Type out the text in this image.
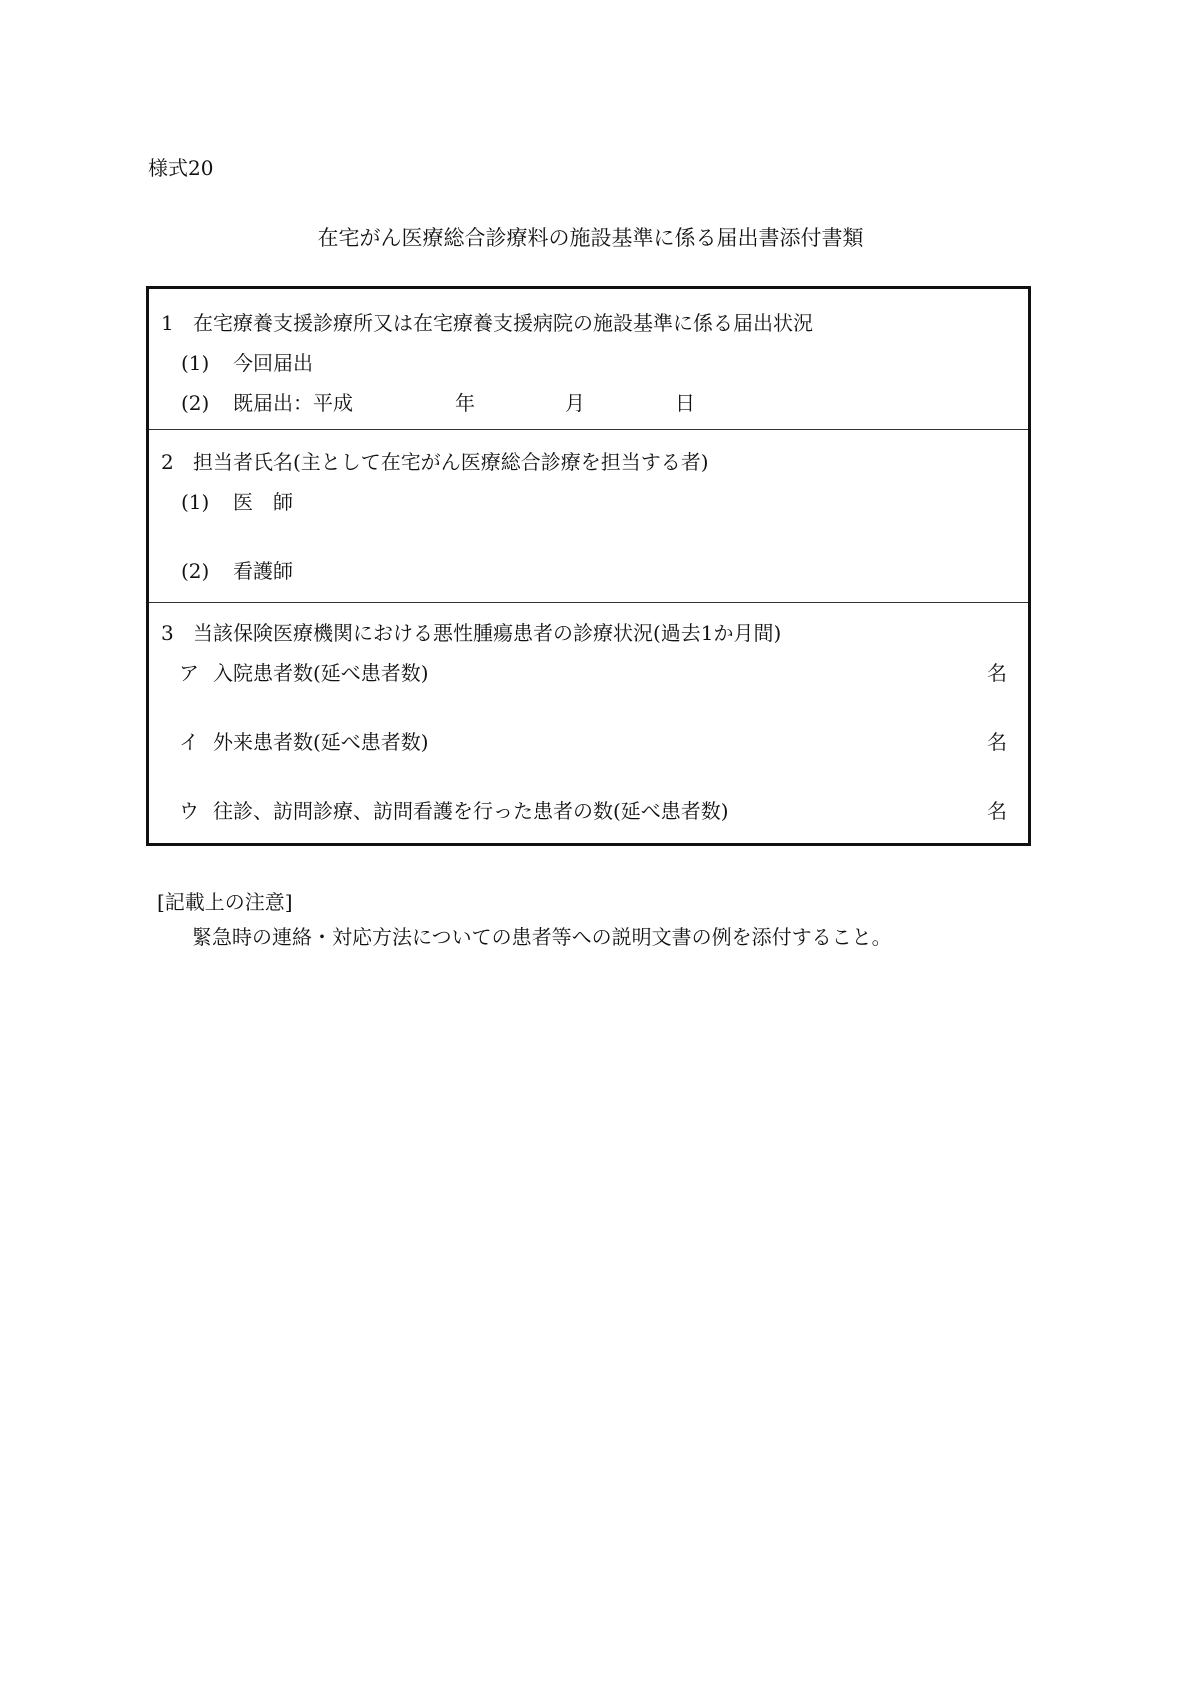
様式20
在宅がん医療総合診療料の施設基準に係る届出書添付書類
1 在宅療養支援診療所又は在宅療養支援病院の施設基準に係る届出状況
(1) 今回届出
(2) 既届出：平成	年	月	日
2 担当者氏名(主として在宅がん医療総合診療を担当する者)
(1) 医　師
(2) 看護師
3 当該保険医療機関における悪性腫瘍患者の診療状況(過去1か月間)
ア 入院患者数(延べ患者数)	名
イ 外来患者数(延べ患者数)	名
ウ 往診、訪問診療、訪問看護を行った患者の数(延べ患者数)	名
[記載上の注意]
緊急時の連絡・対応方法についての患者等への説明文書の例を添付すること。
